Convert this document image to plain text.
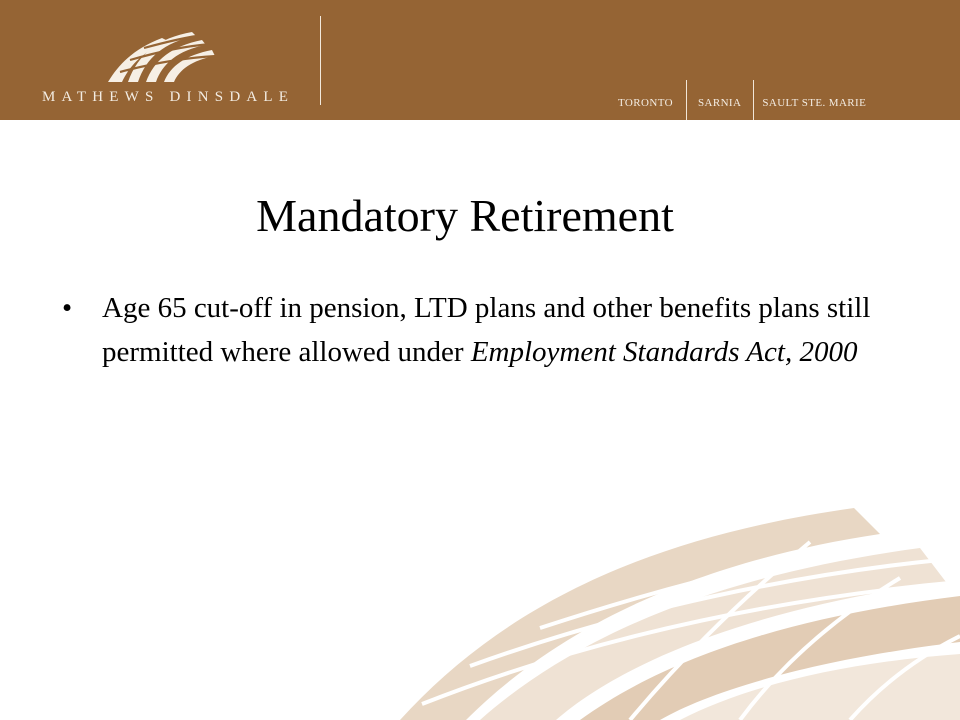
MATHEWS DINSDALE	TORONTO SARNIA SAULT STE. MARIE
Mandatory Retirement
•	Age 65 cut-off in pension, LTD plans and other benefits plans still permitted where allowed under Employment Standards Act, 2000
